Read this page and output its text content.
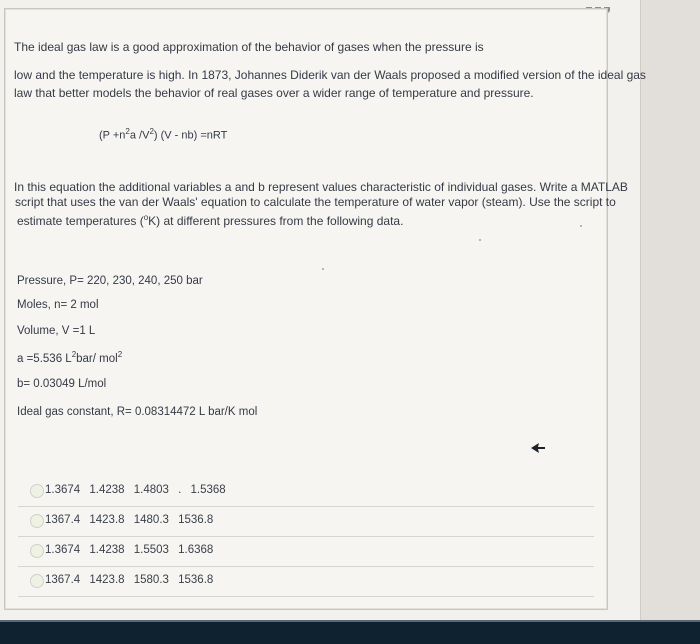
The ideal gas law is a good approximation of the behavior of gases when the pressure is
low and the temperature is high. In 1873, Johannes Diderik van der Waals proposed a modified version of the ideal gas
law that better models the behavior of real gases over a wider range of temperature and pressure.
($P +n^2a$ $/V^2$) (V - nb) =nRT
In this equation the additional variables a and b represent values characteristic of individual gases. Write a MATLAB
script that uses the van der Waals' equation to calculate the temperature of water vapor (steam). Use the script to
estimate temperatures ($^o$K) at different pressures from the following data.
Pressure, P= 220, 230, 240, 250 bar
Moles, n= 2 mol
Volume, V =1 L
a =5.536 $L^2bar/$ mol$^2$
b= 0.03049 L/mol
Ideal gas constant, R= 0.08314472 L bar/K mol
1.3674 1.4238 1.4803 . 1.5368
1367.4 1423.8 1480.3 1536.8
1.3674 1.4238 1.5503 1.6368
1367.4 1423.8 1580.3 1536.8
